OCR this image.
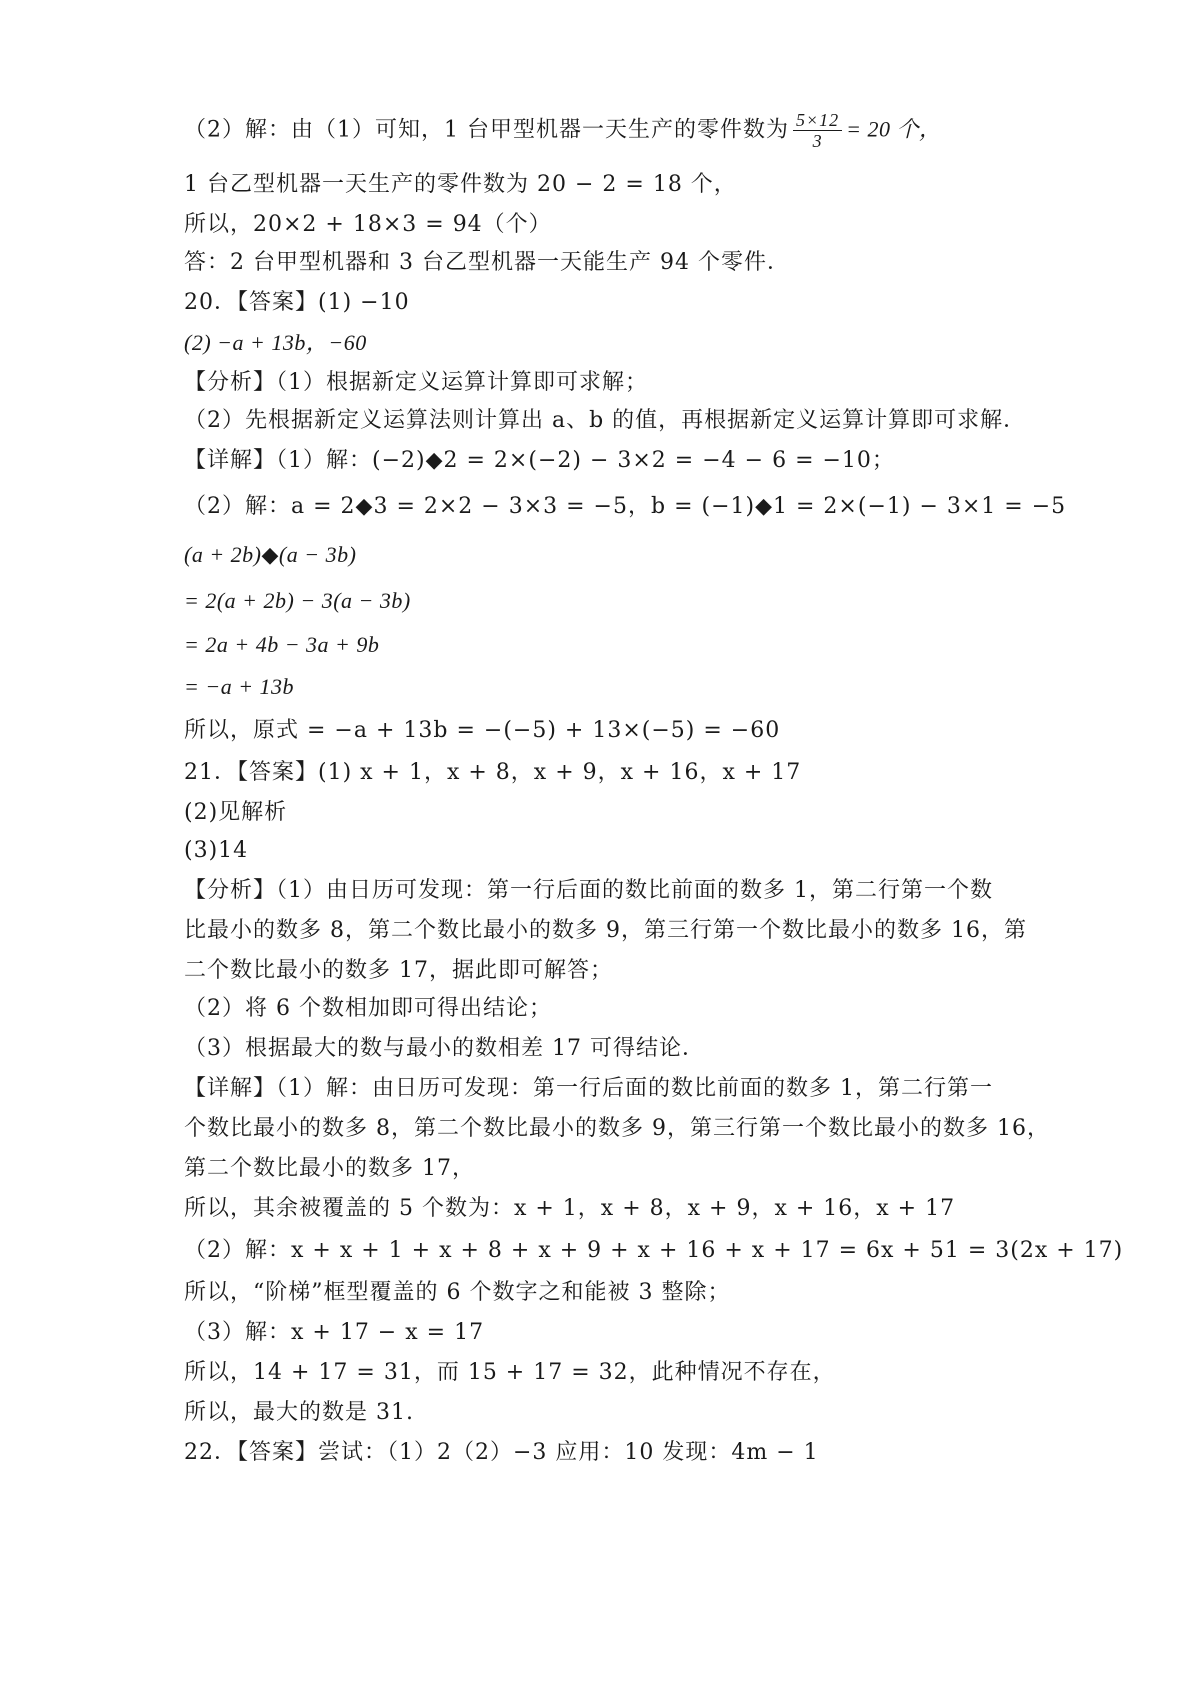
（2）解：由（1）可知，1 台甲型机器一天生产的零件数为 $\frac{5\times 12}{3} = 20$ 个，
1 台乙型机器一天生产的零件数为 20 − 2 = 18 个，
所以，20×2 + 18×3 = 94（个）
答：2 台甲型机器和 3 台乙型机器一天能生产 94 个零件．
20．【答案】(1) −10
(2) −a + 13b，−60
【分析】（1）根据新定义运算计算即可求解；
（2）先根据新定义运算法则计算出 a、b 的值，再根据新定义运算计算即可求解．
【详解】（1）解：(−2)◆2 = 2×(−2) − 3×2 = −4 − 6 = −10；
（2）解：a = 2◆3 = 2×2 − 3×3 = −5，b = (−1)◆1 = 2×(−1) − 3×1 = −5
(a + 2b)◆(a − 3b)
= 2(a + 2b) − 3(a − 3b)
= 2a + 4b − 3a + 9b
= −a + 13b
所以，原式 = −a + 13b = −(−5) + 13×(−5) = −60
21．【答案】(1) x + 1，x + 8，x + 9，x + 16，x + 17
(2)见解析
(3)14
【分析】（1）由日历可发现：第一行后面的数比前面的数多 1，第二行第一个数
比最小的数多 8，第二个数比最小的数多 9，第三行第一个数比最小的数多 16，第
二个数比最小的数多 17，据此即可解答；
（2）将 6 个数相加即可得出结论；
（3）根据最大的数与最小的数相差 17 可得结论．
【详解】（1）解：由日历可发现：第一行后面的数比前面的数多 1，第二行第一
个数比最小的数多 8，第二个数比最小的数多 9，第三行第一个数比最小的数多 16，
第二个数比最小的数多 17，
所以，其余被覆盖的 5 个数为：x + 1，x + 8，x + 9，x + 16，x + 17
（2）解：x + x + 1 + x + 8 + x + 9 + x + 16 + x + 17 = 6x + 51 = 3(2x + 17)
所以，“阶梯”框型覆盖的 6 个数字之和能被 3 整除；
（3）解：x + 17 − x = 17
所以，14 + 17 = 31，而 15 + 17 = 32，此种情况不存在，
所以，最大的数是 31.
22．【答案】尝试：（1）2（2）−3 应用：10 发现：4m − 1
